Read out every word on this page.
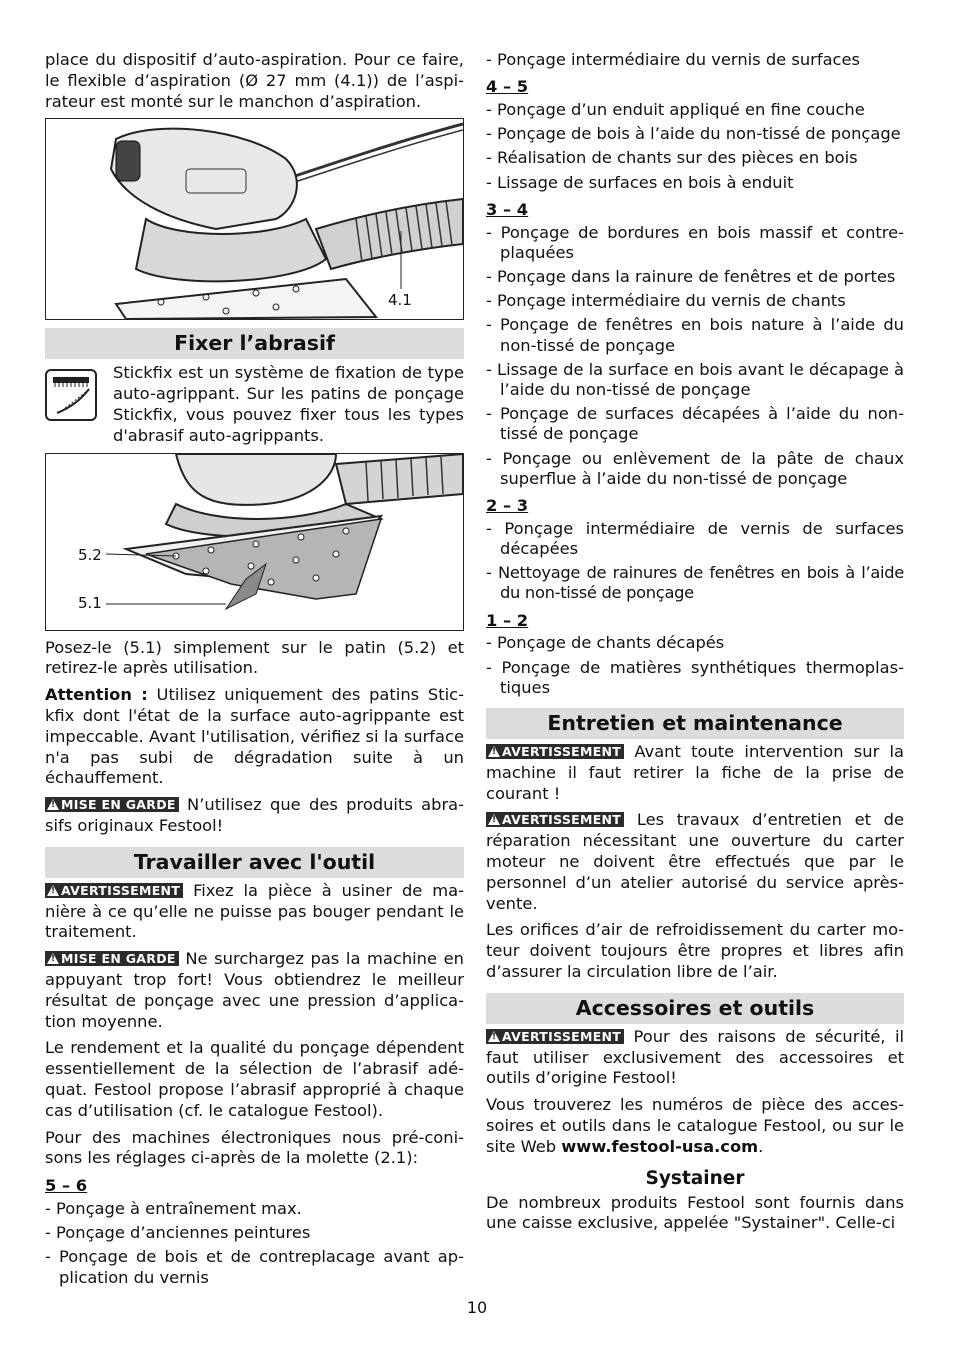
place du dispositif d’auto-aspiration. Pour ce faire, le flexible d’aspiration (Ø 27 mm (4.1)) de l’aspirateur est monté sur le manchon d’aspiration.

4.1
Fixer l’abrasif

Stickfix est un système de fixation de type auto-agrippant. Sur les patins de ponçage Stickfix, vous pouvez fixer tous les types d'abrasif auto-agrippants.

5.2
5.1

Posez-le (5.1) simplement sur le patin (5.2) et retirez-le après utilisation.

Attention : Utilisez uniquement des patins Stickfix dont l'état de la surface auto-agrippante est impeccable. Avant l'utilisation, vérifiez si la surface n'a pas subi de dégradation suite à un échauffement.

!MISE EN GARDE N’utilisez que des produits abrasifs originaux Festool!

Travailler avec l'outil

!AVERTISSEMENT Fixez la pièce à usiner de manière à ce qu’elle ne puisse pas bouger pendant le traitement.

!MISE EN GARDE Ne surchargez pas la machine en appuyant trop fort! Vous obtiendrez le meilleur résultat de ponçage avec une pression d’application moyenne.

Le rendement et la qualité du ponçage dépendent essentiellement de la sélection de l’abrasif adéquat. Festool propose l’abrasif approprié à chaque cas d’utilisation (cf. le catalogue Festool).

Pour des machines électroniques nous pré-conisons les réglages ci-après de la molette (2.1):

5 – 6
- Ponçage à entraînement max.
- Ponçage d’anciennes peintures
- Ponçage de bois et de contreplacage avant application du vernis
- Ponçage intermédiaire du vernis de surfaces
4 – 5
- Ponçage d’un enduit appliqué en fine couche
- Ponçage de bois à l’aide du non-tissé de ponçage
- Réalisation de chants sur des pièces en bois
- Lissage de surfaces en bois à enduit
3 – 4
- Ponçage de bordures en bois massif et contreplaquées
- Ponçage dans la rainure de fenêtres et de portes
- Ponçage intermédiaire du vernis de chants
- Ponçage de fenêtres en bois nature à l’aide du non-tissé de ponçage
- Lissage de la surface en bois avant le décapage à l’aide du non-tissé de ponçage
- Ponçage de surfaces décapées à l’aide du nontissé de ponçage
- Ponçage ou enlèvement de la pâte de chaux superflue à l’aide du non-tissé de ponçage
2 – 3
- Ponçage intermédiaire de vernis de surfaces décapées
- Nettoyage de rainures de fenêtres en bois à l’aide du non-tissé de ponçage
1 – 2
- Ponçage de chants décapés
- Ponçage de matières synthétiques thermoplastiques
Entretien et maintenance

!AVERTISSEMENT Avant toute intervention sur la machine il faut retirer la fiche de la prise de courant !

!AVERTISSEMENT Les travaux d’entretien et de réparation nécessitant une ouverture du carter moteur ne doivent être effectués que par le personnel d’un atelier autorisé du service aprèsvente.

Les orifices d’air de refroidissement du carter moteur doivent toujours être propres et libres afin d’assurer la circulation libre de l’air.

Accessoires et outils

!AVERTISSEMENT Pour des raisons de sécurité, il faut utiliser exclusivement des accessoires et outils d’origine Festool!

Vous trouverez les numéros de pièce des accessoires et outils dans le catalogue Festool, ou sur le site Web www.festool-usa.com.

Systainer

De nombreux produits Festool sont fournis dans une caisse exclusive, appelée "Systainer". Celle-ci

10
